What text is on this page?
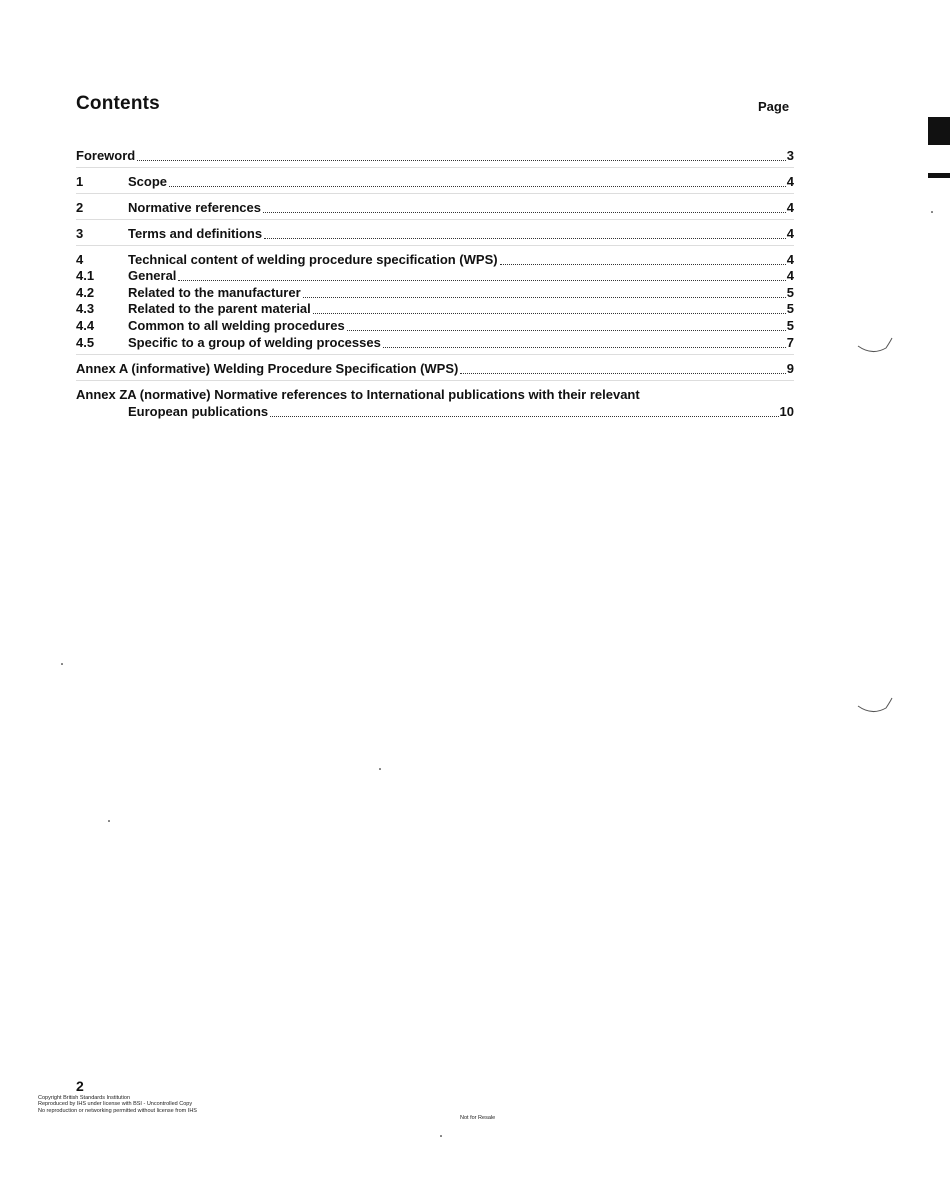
Contents	Page
Foreword	3
1	Scope	4
2	Normative references	4
3	Terms and definitions	4
4	Technical content of welding procedure specification (WPS)	4
4.1	General	4
4.2	Related to the manufacturer	5
4.3	Related to the parent material	5
4.4	Common to all welding procedures	5
4.5	Specific to a group of welding processes	7
Annex A (informative) Welding Procedure Specification (WPS)	9
Annex ZA (normative) Normative references to International publications with their relevant
European publications	10
2
Copyright British Standards Institution
Reproduced by IHS under license with BSI - Uncontrolled Copy
No reproduction or networking permitted without license from IHS
Not for Resale
